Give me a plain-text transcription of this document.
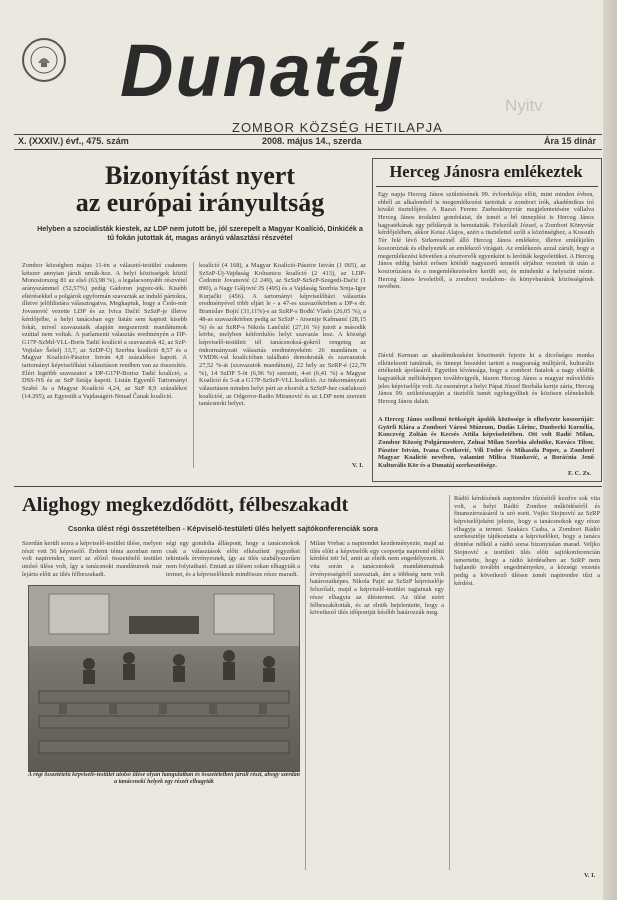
Dunatáj	Nyitv
ZOMBOR KÖZSÉG HETILAPJA
X. (XXXIV.) évf., 475. szám	2008. május 14., szerda	Ára 15 dinár
Bizonyítást nyert
az európai irányultság
Helyben a szocialisták kiestek, az LDP nem jutott be, jól szerepelt a Magyar Koalíció, Dinkićék a tű fokán jutottak át, magas arányú választási részvétel
Zombor községben május 11-én a választó-testület csaknem kétszer annyian járult urnák-hoz. A helyi közösségek közül Monostorszeg 81 az első (63,98 %), a legalacsonyabb részvétel arányszámmel (52,57%) pedig Gádoron jegyez-ték. Kisebb eltérésekkel a polgárok egyformán szavaztak az induló pártokra, illetve jelöltlistára választogatva. Megkaptuk, hogy a Čedo-mir Jovanović vezette LDP és az Ivica Dačić SzSzP-je illetve kérdőjelbe, a helyi tanácsban egy listán sem kaptott kisebb fokát, mivel szavazataik alapján megszerzett mandátumok ezúttal nem voltak. A parlamenti választás eredményén a DP-G17P-SzMd-VLL-Boris Tadić koalíció a szavazatok 42, az SzP-Vojislav Šešelj 33,7, az SzDP-Új Szerbia koalíció 8,57 és a Magyar Koalíció-Pásztor István 4,8 százalékot kapott. A tartományi képviselőházi választáson rendben van az összesítés. Elért legtöbb szavazatot a DP-G17P-Borisz Tadić koalíció, a DSS-NS és az SzP listája kapott. Listán Egyenlő Tartományi Szabó Ja a Magyar Koalíció 4,24, az SzP 8,9 százalékot (14.295), az Egyesült a Vajdaságért-Nenad Čanak koalíció.
koalíció (4 168), a Magyar Koalíció-Pásztor István (1 065), az SzSzP-Új-Vajdaság Kolnanicu koalíció (2 413), az LDP-Čedomir Jovanović (2 249), az SzSzP-SzSzP-Szegedi-Dačić (1 890), a Nagy Gáljović JS (495) és a Vajdaság Szerbia Srnja-Igor Kurjački (456). A tartományi képviselőházi választás eredményével több eljárt le - a 47-es szavazókörben a DP-s dr. Branislav Bojić (31,11%)-s az SzRP-s Bođić Vlado (26,05 %), a 48-as szavazókörben pedig az SzSzP - Arsenije Kalmanić (28,15 %) és az SzRP-s Nikola Lančulić (27,16 %) jutott a második körbe, melyben kétfordulós helyi szavazás lesz. A községi képviselő-testületi tél tanácsnoksá-gokról rengeteg az önkormányzati választás eredményeként: 26 mandátum a VMDK-val koalícióban található demokraták és szavazatok 27,52 %-át (szavazatok mandátum), 22 hely az SzRP-é (22,79 %), 14 SzDP 5-öt (6,96 %) szerzett, 4-et (6,41 %) a Magyar Koalíció és 3-at a G17P-SzSzP-VLL koalíció. Az önkormányzati választáson minden helyi párt az elsorolt a SzSzP-hez csatlakozó koalícióé, az Odgovor-Radio Miranović és az LDP nem szerzett tanácsnoki helyet.
V. I.
Herceg Jánosra emlékeztek
Egy napja Herceg János születésének 99. évfordulója előtt, mint minden évben, ebből az alkalomból is megemlékezést tartottak a zombori írók, akadémikus író kiváló tisztelőjére. A Bazsó Ferenc Zsebeskönyvtár megjelentetésére vállalva Herceg János irodalmi gondolatai, de ismét a bő ünneplést is Herceg János hagyatékának egy példányát is bemutatták. Felszólalt József, a Zombori Könyvtár kérdőjelében, akkor Keisz Alajos, azért a tisztelettel szólt a közönséghez, a Kossuth Tér felé lévő Sirkeresztnél álló Herceg János emlékére, illetve emlékjelén koszorúztak és elhelyezték az emlékező virágait. Az emlékezés azzal zárult, hogy a megemlékezést követően a résztvevők egyenként is lerótták kegyeletüket. A Herceg János eddig bárkit erősen kötődő nagyszerű temetői sírjához vezetett út után a koszorúzásra és a megemlékezésekre került sor, és mindenki a helyszínt nézte. Herceg János leveleiből, a zombori irodalom- és könyvbarátok közösségének nevében.
Dávid Kerman az akadémikusként köszönetét fejezte ki a dicsőséges munka elkötelezett tanúinak, és ünnepi beszédet tartott a magyarság múltjáról, kulturális értékeink ápolásáról. Egyetlen kívánsága, hogy a zombori fiatalok a nagy elődök hagyatékát méltóképpen továbbvigyék, hiszen Herceg János a magyar művelődés jeles képviselője volt. Az eseményt a helyi Pápai József Borbála kertje zárta, Herceg János 99. születésnapján a tisztelői ismét egybegyűltek és közösen elénekelték Herceg János dalait.
A Herceg János szellemi örökségét ápolók közössége is elhelyezte koszorúját: Györfi Klára a Zombori Városi Múzeum, Dudás Lőrinc, Dunberki Kornélia, Konczvég Zoltán és Kecsés Attila képviseletében. Ott volt Radić Milan, Zombor Község Polgármestere, Zolnai Milan Szerbia alelnöke, Kovács Tibor, Pásztor István, Ivana Cvetković, Vili Fodor és Mikaszla Popov, a Zombori Magyar Koalíció nevében, valamint Milica Stanković, a Boráćnia Jenő Kulturális Kör és a Dunatáj szerkesztősége.
F. C. Zs.
Alighogy megkezdődött, félbeszakadt
Csonka ülést régi összetételben - Képviselő-testületi ülés helyett sajtókonferenciák sora
Szerdán került sorra a képviselő-testület ülése, melyen részt vett 56 képviselő. Érdemi téma azonban nem volt napirenden, mert az előző összetételű testület utolsó ülése volt, így a tanácsnoki mandátumok már lejárta előtt az ülés félbeszakadt.
ségi egy gondolta álláspont, hogy a tanácsnokok csak a választások előtt elkészített jegyzéket tekintsék érvényesnek, így az ülés szabályszerűen nem folytatható. Emiatt az ülésen sokan elhagyták a termet, és a képviselőknek mindössze része maradt.
Milan Vrebac a napirendet kezdeményezte, majd az ülés előtt a képviselők egy csoportja napirend előtti kérdést tett fel, amit az elnök nem engedélyezett. A vita során a tanácsnokok mandátumainak érvényességéről szavaztak, ám a többség nem volt határozatképes. Nikola Pajić az SzSzP képviselője felszólalt, majd a képviselő-testület tagjainak egy része elhagyta az üléstermet. Az ülést ezért félbeszakították, és az elnök bejelentette, hogy a következő ülés időpontját később határozzák meg.
Rádió kérdésének napirendre tűzésétől kezdve sok vita volt, a helyi Rádió Zombor működéséről és finanszírozásáról is szó esett. Vujko Stojnović az SzRP képviselőjeként jelezte, hogy a tanácsnokok egy része elhagyja a termet. Szakács Csaba, a Zombori Rádió szerkesztője tájékoztatta a képviselőket, hogy a tanács döntése nélkül a rádió sorsa bizonytalan marad. Veljko Stojnović a testületi ülés előtt sajtókonferencián ismertette, hogy a rádió kérdésében az SzRP nem hajlandó további engedményekre, a községi vezetés pedig a következő ülésen ismét napirendre tűzi a kérdést.
V. I.
A régi összetételű képviselő-testület utolsó ülése olyan hangulatban és összetételben járult részt, ahogy szerdán a tanácsnoki helyek egy részét elhagyták
